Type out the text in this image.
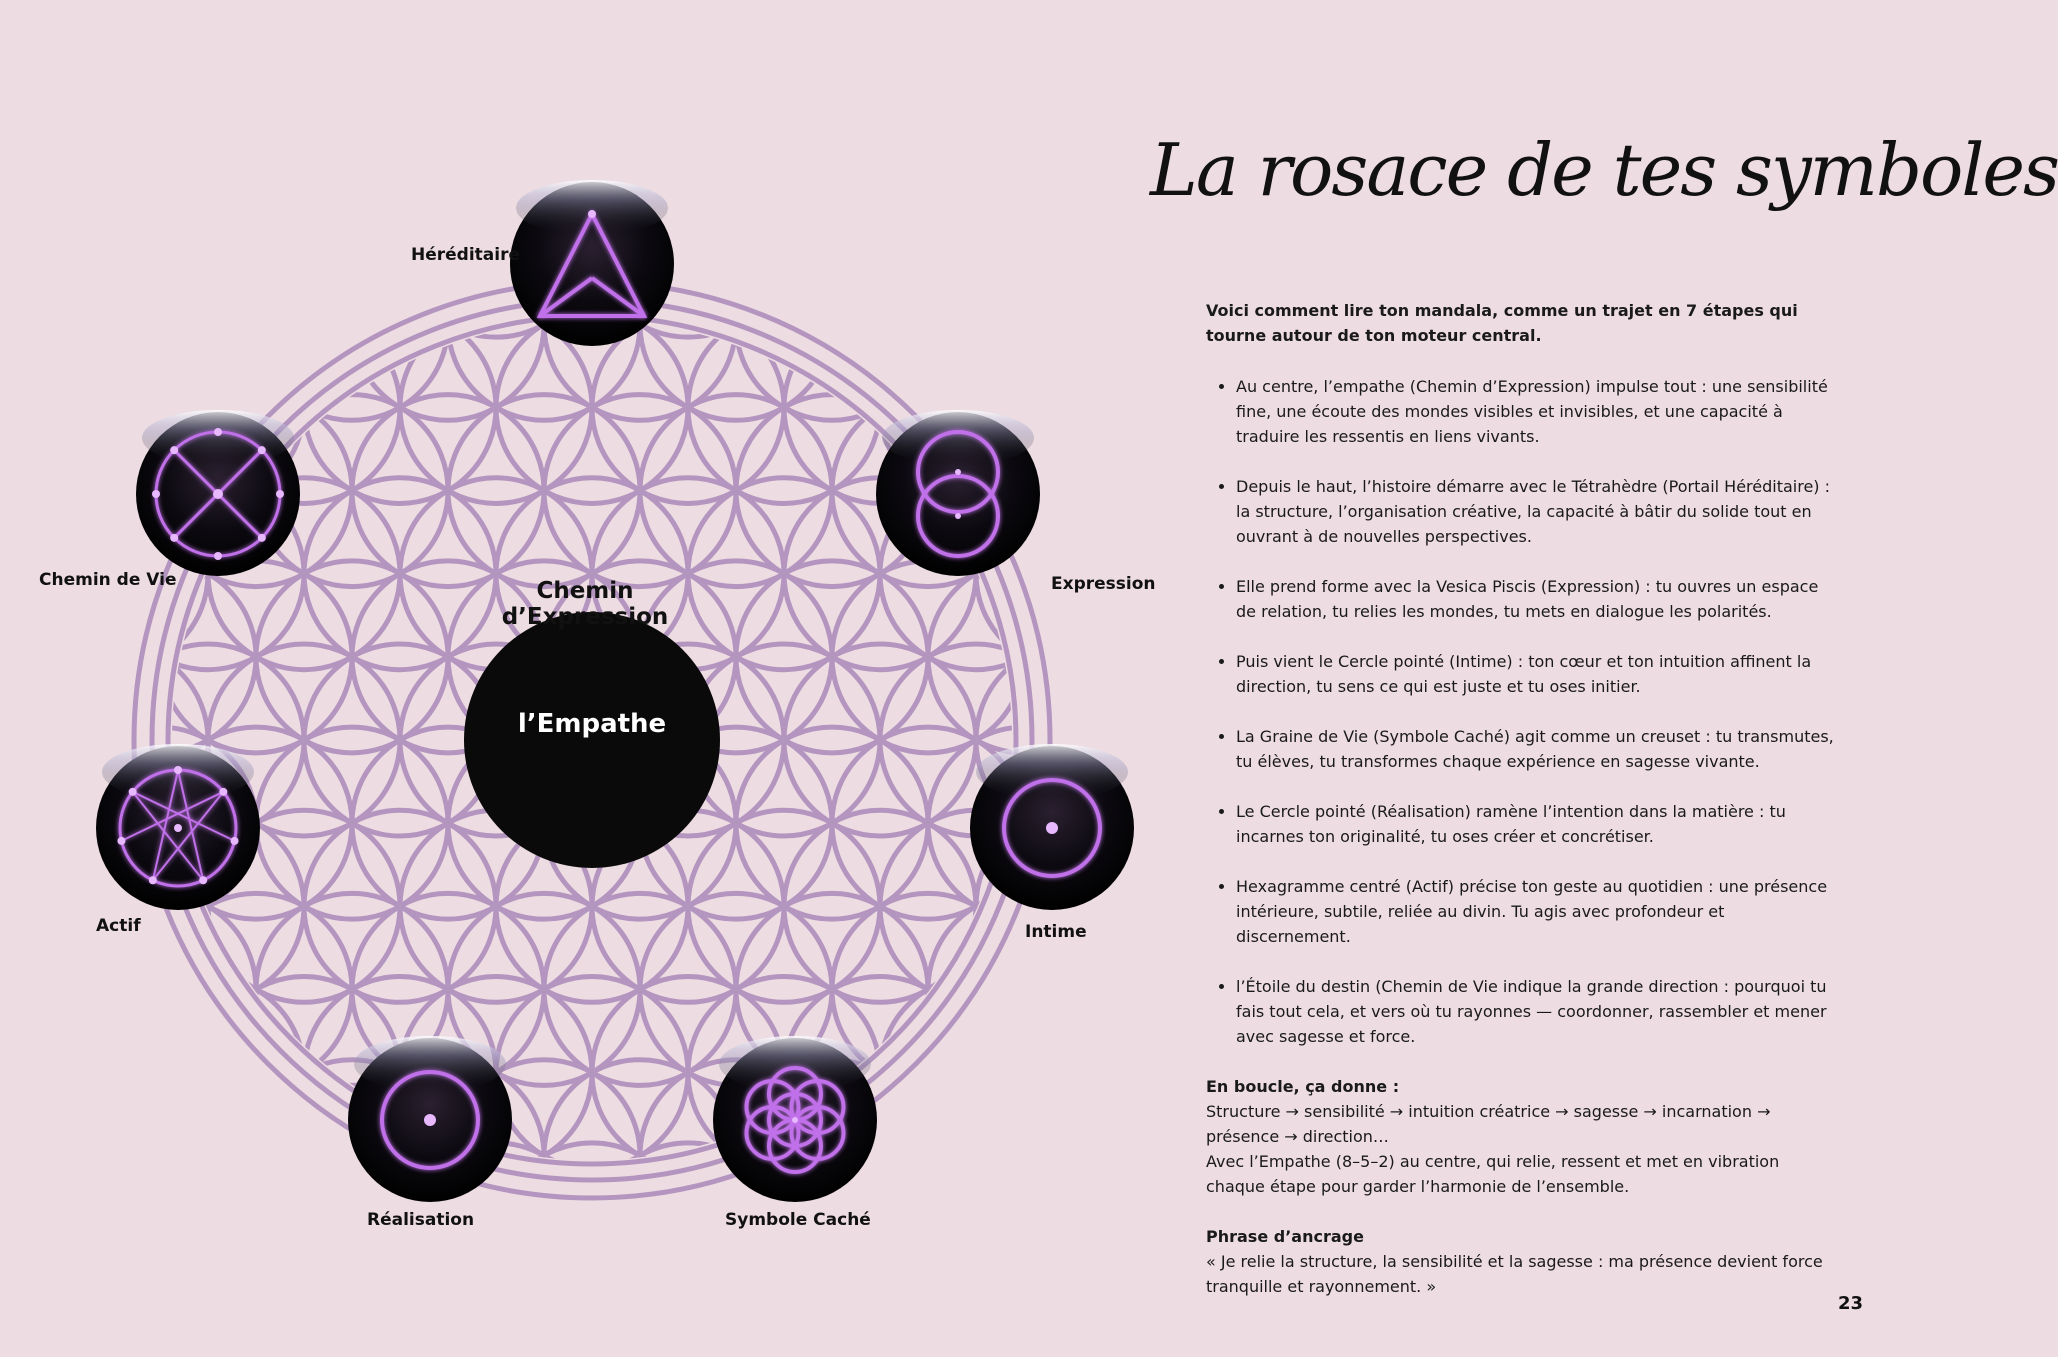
Chemin d’Expression
l’Empathe
Héréditaire
Expression
Intime
Symbole Caché
Réalisation
Actif
Chemin de Vie
La rosace de tes symboles

Voici comment lire ton mandala, comme un trajet en 7 étapes qui tourne autour de ton moteur central.

• Au centre, l’empathe (Chemin d’Expression) impulse tout : une sensibilité fine, une écoute des mondes visibles et invisibles, et une capacité à traduire les ressentis en liens vivants.
• Depuis le haut, l’histoire démarre avec le Tétrahèdre (Portail Héréditaire) : la structure, l’organisation créative, la capacité à bâtir du solide tout en ouvrant à de nouvelles perspectives.
• Elle prend forme avec la Vesica Piscis (Expression) : tu ouvres un espace de relation, tu relies les mondes, tu mets en dialogue les polarités.
• Puis vient le Cercle pointé (Intime) : ton cœur et ton intuition affinent la direction, tu sens ce qui est juste et tu oses initier.
• La Graine de Vie (Symbole Caché) agit comme un creuset : tu transmutes, tu élèves, tu transformes chaque expérience en sagesse vivante.
• Le Cercle pointé (Réalisation) ramène l’intention dans la matière : tu incarnes ton originalité, tu oses créer et concrétiser.
• Hexagramme centré (Actif) précise ton geste au quotidien : une présence intérieure, subtile, reliée au divin. Tu agis avec profondeur et discernement.
• l’Étoile du destin (Chemin de Vie indique la grande direction : pourquoi tu fais tout cela, et vers où tu rayonnes — coordonner, rassembler et mener avec sagesse et force.

En boucle, ça donne :

Structure → sensibilité → intuition créatrice → sagesse → incarnation → présence → direction…

Avec l’Empathe (8–5–2) au centre, qui relie, ressent et met en vibration chaque étape pour garder l’harmonie de l’ensemble.

Phrase d’ancrage

« Je relie la structure, la sensibilité et la sagesse : ma présence devient force tranquille et rayonnement. »

23
